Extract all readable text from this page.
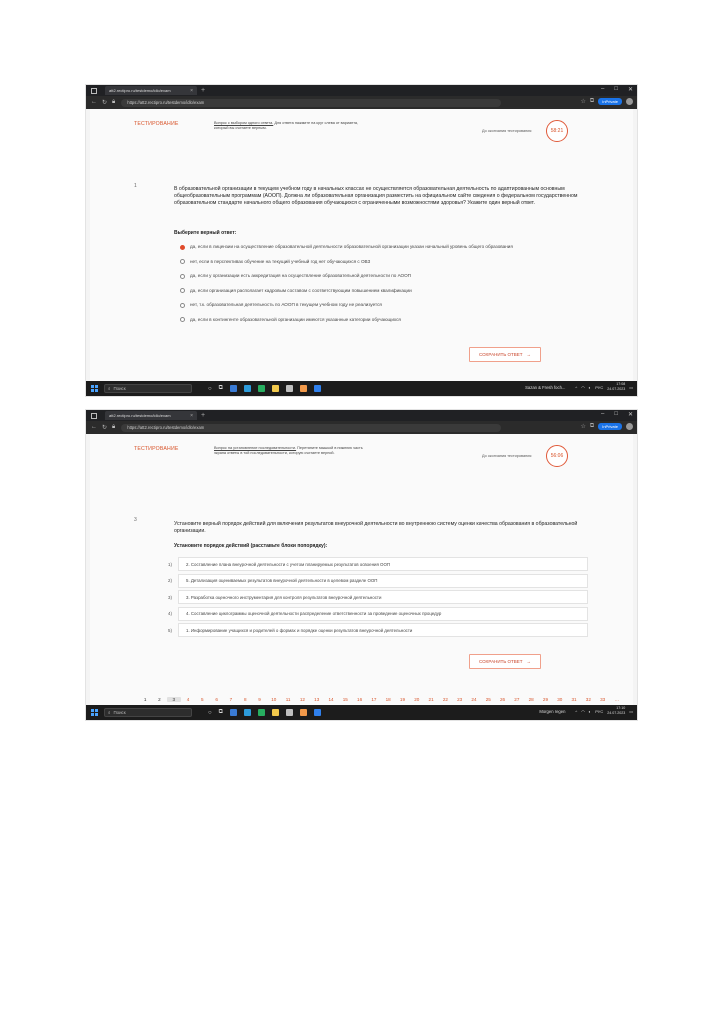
att2.rectipro.ru/testdemo/idlo/exam	× +	– □ ✕
← ↻ 🔒︎	https://att2.rectipro.ru/testdemo/idlo/exam	☆ ⧉	InPrivate
ТЕСТИРОВАНИЕ	Вопрос с выбором одного ответа. Для ответа нажмите на круг слева от варианта, который вы считаете верным.
До окончания тестирования	58:21
1	В образовательной организации в текущем учебном году в начальных классах не осуществляется образовательная деятельность по адаптированным основным общеобразовательным программам (АООП). Должна ли образовательная организация разместить на официальном сайте сведения о федеральном государственном образовательном стандарте начального общего образования обучающихся с ограниченными возможностями здоровья? Укажите один верный ответ.
Выберите верный ответ:
да, если в лицензии на осуществление образовательной деятельности образовательной организации указан начальный уровень общего образования
нет, если в перспективах обучение на текущий учебный год нет обучающихся с ОВЗ
да, если у организации есть аккредитация на осуществление образовательной деятельности по АООП
да, если организация располагает кадровым составом с соответствующим повышением квалификации
нет, т.к. образовательная деятельность по АООП в текущем учебном году не реализуется
да, если в контингенте образовательной организации имеются указанные категории обучающихся
СОХРАНИТЬ ОТВЕТ →
⌕ Поиск	○ ⧉	Sazan & Fresh foch...	^ ◠ 🔈︎ РУС
17:08
24.07.2023 ▭
att2.rectipro.ru/testdemo/idlo/exam	× +	– □ ✕
← ↻ 🔒︎	https://att2.rectipro.ru/testdemo/idlo/exam	☆ ⧉	InPrivate
ТЕСТИРОВАНИЕ	Вопрос на установление последовательности. Перетяните мышкой в нижнюю часть экрана ответы в той последовательности, которую считаете верной.
До окончания тестирования	56:06
3
Установите верный порядок действий для включения результатов внеурочной деятельности во внутреннюю систему оценки качества образования в образовательной организации.
Установите порядок действий (расставьте блоки попорядку):
1)	2. Составление плана внеурочной деятельности с учетом планируемых результатов освоения ООП
2)	5. Детализация оцениваемых результатов внеурочной деятельности в целевом разделе ООП
3)	3. Разработка оценочного инструментария для контроля результатов внеурочной деятельности
4)	4. Составление циклограммы оценочной деятельности распределение ответственности за проведение оценочных процедур
5)	1. Информирование учащихся и родителей о формах и порядке оценки результатов внеурочной деятельности
СОХРАНИТЬ ОТВЕТ →
1	2	3	4	5	6	7	8	9	10	11	12	13	14	15	16	17	18	19	20	21	22	23	24	25	26	27	28	29	30	31	32	33	...
⌕ Поиск	○ ⧉	Morgen regen	^ ◠ 🔈︎ РУС
17:10
24.07.2023 ▭
